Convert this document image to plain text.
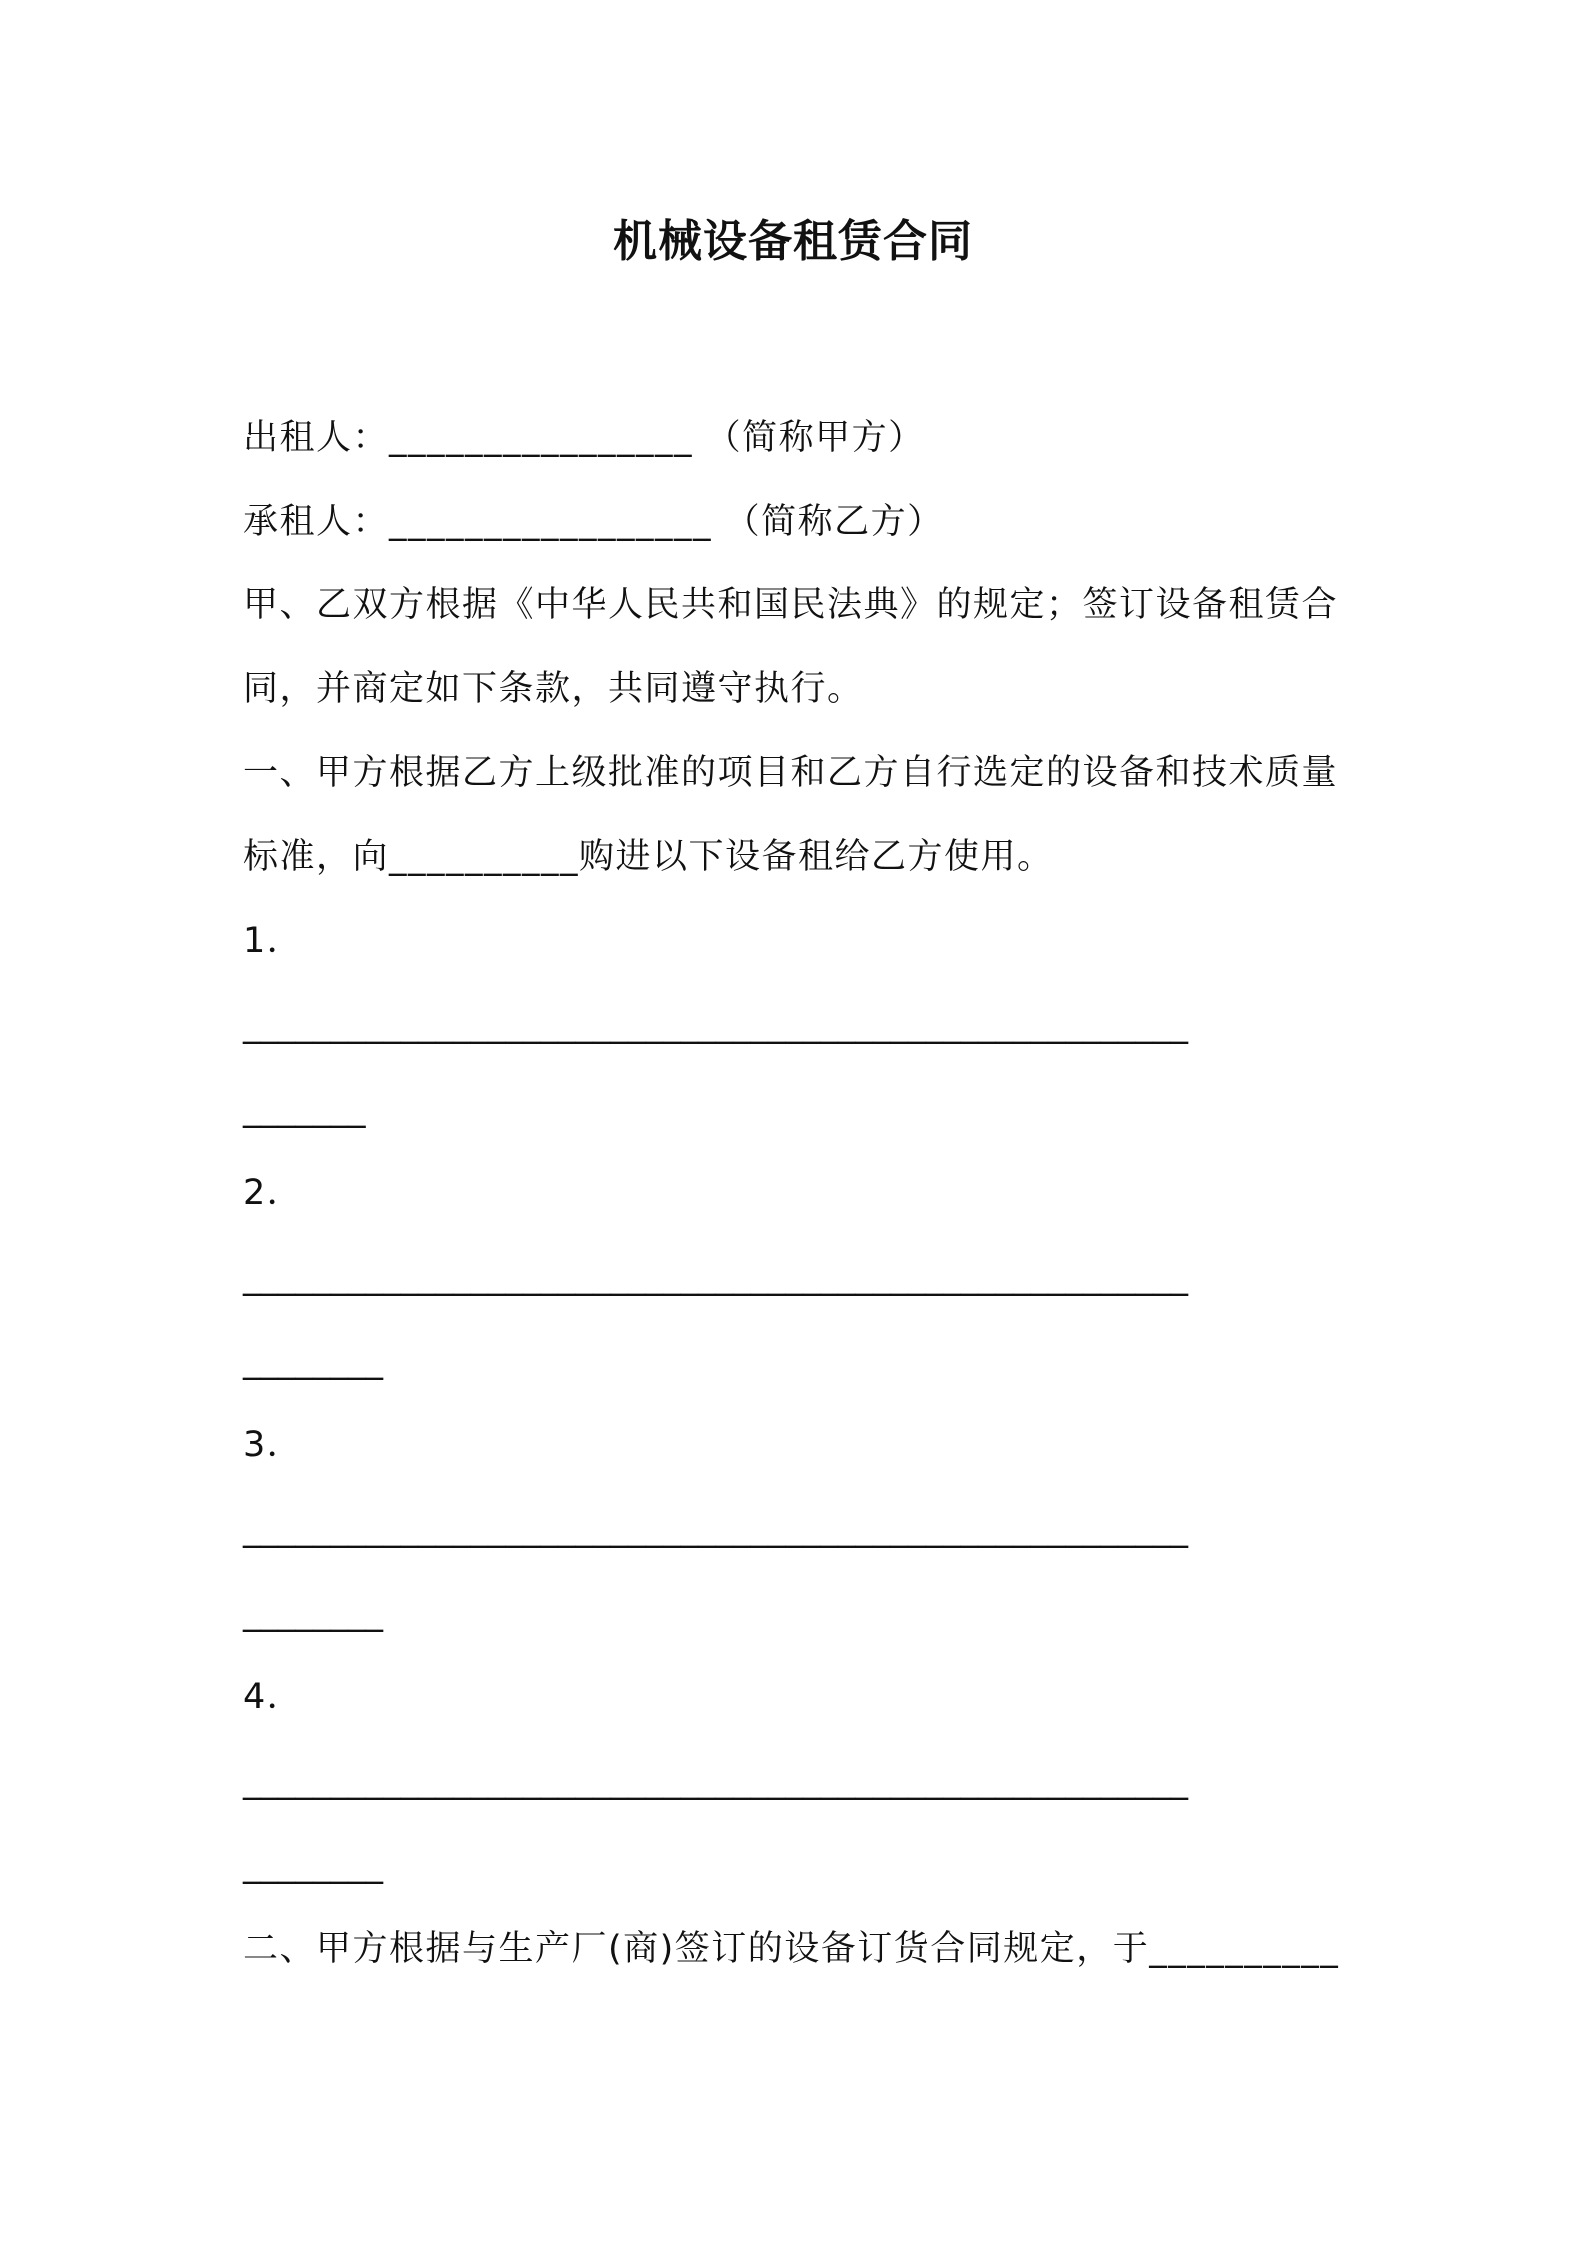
机械设备租赁合同
出租人：________________ （简称甲方）
承租人：_________________ （简称乙方）
甲、乙双方根据《中华人民共和国民法典》的规定；签订设备租赁合
同，并商定如下条款，共同遵守执行。
一、甲方根据乙方上级批准的项目和乙方自行选定的设备和技术质量
标准，向__________购进以下设备租给乙方使用。
1．
______________________________________________________
_______
2．
______________________________________________________
________
3．
______________________________________________________
________
4．
______________________________________________________
________
二、甲方根据与生产厂(商)签订的设备订货合同规定，于__________
